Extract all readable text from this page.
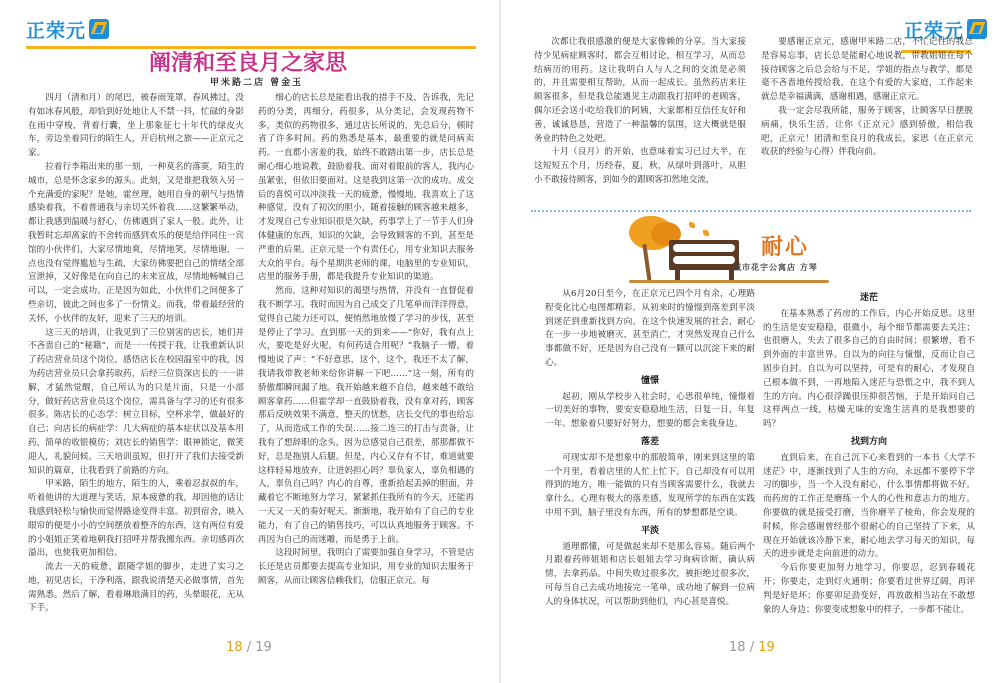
正荣元
阐清和至良月之家思
甲米路二店 曾金玉

四月（清和月）的尾巴，被春雨笼罩，春风拂过，没有如冰春风般，却恰到好处地让人不禁一抖，忙碌的身影在雨中穿梭，背着行囊，坐上那象征七十年代的绿皮火车，旁边坐着同行的陌生人，开启杭州之旅——正京元之家。

拉着行李箱出来的那一刻，一种莫名的落寞，陌生的城市，总是怀念家乡的源头。此刻，又是谁把我领入另一个充满爱的家呢？是她，霍丝理，她用自身的朝气与热情感染着我，不着普通我与亲切关怀着我……这繁繁举动，都让我感到温暖与舒心，仿佛遇到了家人一般。此外，让我暂时忘却离家的不舍转而感到欢乐的便是给伴同住一宾馆的小伙伴们，大家尽情地爽，尽情地笑，尽情地谢，一点也没有觉得尴尬与生疏，大家仿佛要把自己的情绪全部宣泄掉，又好像是在向自己的未来宣战，尽情地畅喊自己可以，一定会成功。正是因为如此，小伙伴们之间便多了些亲切，彼此之间也多了一份情义。而我，带着最经营的关怀，小伙伴的友好，迎来了三天的培训。

这三天的培训，让我见到了三位别害的店长，她们并不吝啬自己的“秘籍”，而是一一传授于我，让我重新认识了药店营业员这个岗位，感悟店长在校园温室中的我，因为药店营业员只会拿药取药，后经三位资深店长的一一讲解，才猛然觉醒，自己所认为的只是片面，只是一小部分，做好药店营业员这个岗位，需具备与学习的还有很多很多。陈店长的心态学：树立目标，空杯求学，做最好的自己；向店长的病症学：几大病症的基本症状以及基本用药，简单的收银模仿；刘店长的销售学：眼神锁定，微笑迎人，礼貌问候。三天培训虽短，但打开了我们去接受新知识的篇章，让我看到了前路的方向。

甲米路，陌生的地方，陌生的人，乘着忍叔叔的车，听着他讲的大道理与笑话，原本疲惫的我，却因他的话让我感到轻松与愉快而觉得路途变得丰富。初到宿舍，映入眼帘的便是小小的空间摆放着整齐的东西，这有两位有爱的小姐姐正笑着地朝我打招呼并帮我搬东西。亲切感再次溢出，也使我更加相信。

流去一天的疲惫，跟随学姐的脚步，走进了实习之地，初见店长，干净利落，跟我说清楚天必做事情，首先需熟悉。然后了解，看着琳琅满目的药，头晕眼花，无从下手。

细心的店长总是能看出我的措手不及，告诉我，先记药的分类，再细分，药很多，从分类记，会发现药物不多，类似的药物很多，通过店长所说的，先总后分，顿时省了许多时间。药的熟悉是基本，最重要的就是问病卖药。一直都小害羞的我，始终不敢踏出第一步，店长总是耐心细心地说教，鼓励着我。面对着眼前的客人，我内心虽紧张，但依旧要面对。这是我到这第一次的成功。成交后的喜悦可以冲淡我一天的疲惫，慢慢地，我喜欢上了这种感觉，没有了初次的胆小，随着接触的顾客越来越多，才发现自己专业知识很是欠缺，药事学上了一节手人们身体健康的东西，知识的欠缺，会导致顾客的不到，甚至是严重的后果。正京元是一个有责任心，用专业知识去服务大众的平台。每个星期洪老师的课，电脑里的专业知识，店里的服务手册，都是我提升专业知识的渠道。

然而，这种对知识的渴望与热情，并没有一直督促着我不断学习。我时而因为自己成交了几笔单而洋洋得意，觉得自己能力还可以，便悄然地放慢了学习的步伐，甚至是停止了学习。直到那一天的到来——“你好，我有点上火，要吃是好火呢，有何药适合用呢？”我脑子一懵，着慢地说了声：“不好意思，这个，这个，我还不太了解，我请我带教老师来给你讲解一下吧……”这一刻，所有的骄傲都瞬间漏了地。我开始越来越不自信，越来越不敢给顾客拿药……但霍学却一直鼓励着我，没有拿对药，顾客那后反映效果不满意，整天的忧愁，店长交代的事也给忘了，从而造成工作的失误……接二连三的打击与责备，让我有了想辞职的念头，因为总感觉自己很差，那那都做不好，总是拖别人后腿。但是，内心又存有不甘，难道就要这样轻易地放弃，让进妈担心吗？辜负家人，辜负相遇的人，辜负自己吗？内心的自尊，重新拾起丢掉的胆面，并藏着它不断地努力学习，紧紧抓住我所有的今天，还能再一天又一天的奏好呢天。渐渐地，我开始有了自己的专业能力，有了自己的销售技巧，可以认真地服务于顾客。不再因为自己的而迷雕，而是勇于上前。

这段时间里，我明白了需要加强自身学习，不管是店长还是店员都要去提高专业知识，用专业的知识去服务于顾客，从而让顾客信赖我们，信服正京元。每

18 / 19
正荣元

次都让我很感激的便是大家像赖的分享。当大家接待少见病症顾客时，都会互相讨论，相互学习，从而总结病历的用药。这让我明白人与人之间的交流是必须的，并且需要相互帮助，从而一起成长。虽然药店来往顾客很多，但是我总能遇见主动跟我打招呼的老顾客，偶尔还会送小吃给我们的阿姨，大家都相互信任友好和善，诚诚恳恳，营造了一种温馨的氛围，这大概就是服务业的特色之处吧。

十月（良月）的开始，也意味着实习已过大半，在这短短五个月，历经春，夏，秋，从绿叶到落叶，从胆小不敢接待顾客，到如今的跟顾客扣然地交流，

要感谢正京元，感谢甲米路二店，不忙记性的我总是容易忘事，店长总是能耐心地说教，带教姐姐在每个接待顾客之后总会给与不足，学姐的指点与教学，都是毫不吝啬地传授给我，在这个有爱的大家庭，工作起来就总是幸福满满，感谢相遇，感谢正京元。

我一定会尽我所能，服务于顾客，让顾客早日摆脱病痛，快乐生活，让你《正京元》感到骄傲，相信我吧，正京元！团清和至良月的我成长，家思（在正京元收获的经验与心得）伴我向前。

耐心
城市花宇公寓店 方琴

从6月20日至今，在正京元已四个月有余，心理路程变化比心电图都精彩。从初来时的憧憬到落差到平淡到迷茫到重新找到方向。在这个快速发展的社会，耐心在一步一步地被磨灭，甚至消亡，才突然发现自己什么事都做不好，还是因为自己没有一颗可以沉淀下来的耐心。

憧憬

起初，刚从学校步入社会时，心思很单纯，憧憬着一切美好的事物，要安安稳稳地生活，日复一日，年复一年。想象着只要好好努力，想要的都会来我身边。

落差

可现实却不是想象中的那般简单，刚来到这里的第一个月里，看着店里的人忙上忙下，自己却没有可以用得到的地方，唯一能做的只有当顾客需要什么，我就去拿什么。心理有极大的落差感，发现所学的东西在实践中用不到，脑子里没有东西，所有的梦想都是空谈。

平淡

道理都懂，可是做起来却不是那么容易。随后两个月跟着药师姐姐和店长姐姐去学习询病诊断，确认病情，去拿药品。中间失败过很多次，被拒绝过很多次，可每当自己去成功地接完一笔单，成功地了解到一位病人的身体状况，可以帮助到他们，内心甚是喜悦。

迷茫

在基本熟悉了药房的工作后，内心开始反思。这里的生活是安安稳稳，很微小，每个细节都需要去关注；也很磨人，失去了很多自己的自由时间；很繁增，看不到外面的丰富世界。自以为的向往与憧憬，反而让自己固步自封。自以为可以坚持，可是有的耐心，才发现自己根本做不到，一再地陷入迷茫与恐慌之中，我不到人生的方向。内心很浮躁很压抑很苦恼，于是开始问自己这样两点一线，枯燥无味的安逸生活真的是我想要的吗？

找到方向

直到后来，在自己沉下心来看到的一本书《大学不迷茫》中，逐渐找到了人生的方向，永远都不要停下学习的脚步，当一个人没有耐心，什么事情都将做不好。而药房的工作正是磨练一个人的心性和意志力的地方。你要做的就是接受打磨，当你磨平了棱角，你会发现的时候，你会感谢曾经那个很耐心的自己坚持了下来，从现在开始就该冷静下来，耐心地去学习每天的知识，每天的进步就是走向前进的动力。

今后你要更加努力地学习，你要忍，忍到春暖花开；你要走，走到灯火通明；你要看过世界辽阔，再评判是好是坏；你要卯足劲变好，再放敢相当站在不敢想象的人身边；你要变成想象中的样子，一步都不能让。

18 / 19
